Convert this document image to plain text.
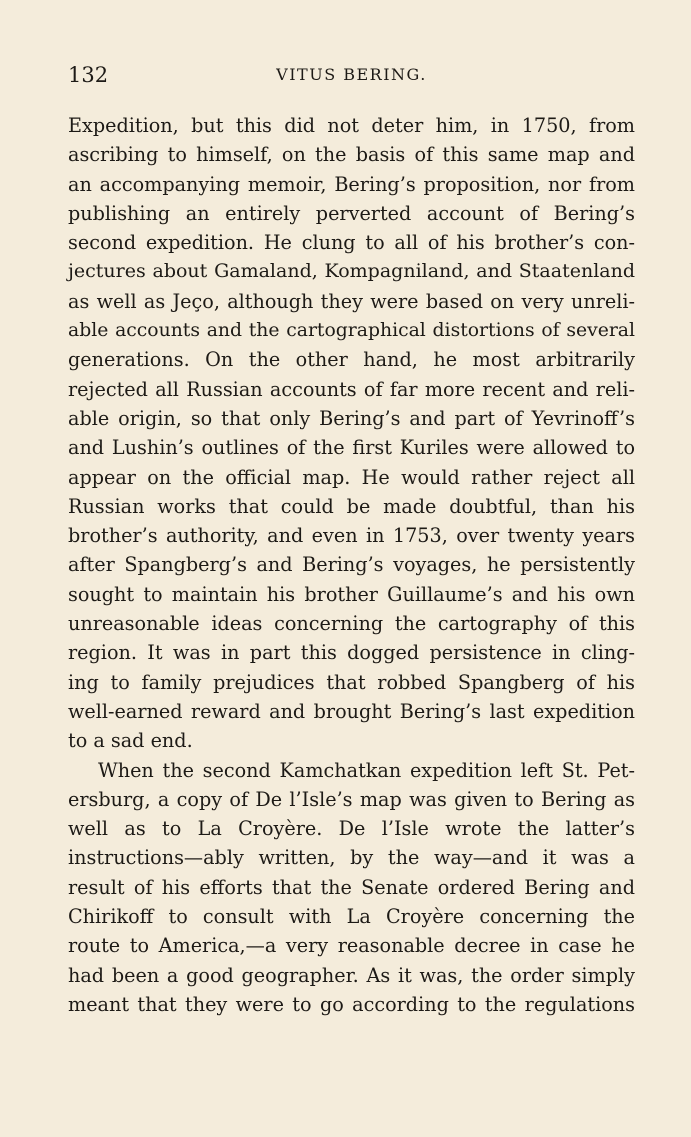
132	VITUS BERING.
Expedition, but this did not deter him, in 1750, from
ascribing to himself, on the basis of this same map and
an accompanying memoir, Bering’s proposition, nor from
publishing an entirely perverted account of Bering’s
second expedition. He clung to all of his brother’s con-
jectures about Gamaland, Kompagniland, and Staatenland
as well as Jeço, although they were based on very unreli-
able accounts and the cartographical distortions of several
generations. On the other hand, he most arbitrarily
rejected all Russian accounts of far more recent and reli-
able origin, so that only Bering’s and part of Yevrinoff’s
and Lushin’s outlines of the first Kuriles were allowed to
appear on the official map. He would rather reject all
Russian works that could be made doubtful, than his
brother’s authority, and even in 1753, over twenty years
after Spangberg’s and Bering’s voyages, he persistently
sought to maintain his brother Guillaume’s and his own
unreasonable ideas concerning the cartography of this
region. It was in part this dogged persistence in cling-
ing to family prejudices that robbed Spangberg of his
well-earned reward and brought Bering’s last expedition
to a sad end.
When the second Kamchatkan expedition left St. Pet-
ersburg, a copy of De l’Isle’s map was given to Bering as
well as to La Croyère. De l’Isle wrote the latter’s
instructions—ably written, by the way—and it was a
result of his efforts that the Senate ordered Bering and
Chirikoff to consult with La Croyère concerning the
route to America,—a very reasonable decree in case he
had been a good geographer. As it was, the order simply
meant that they were to go according to the regulations
